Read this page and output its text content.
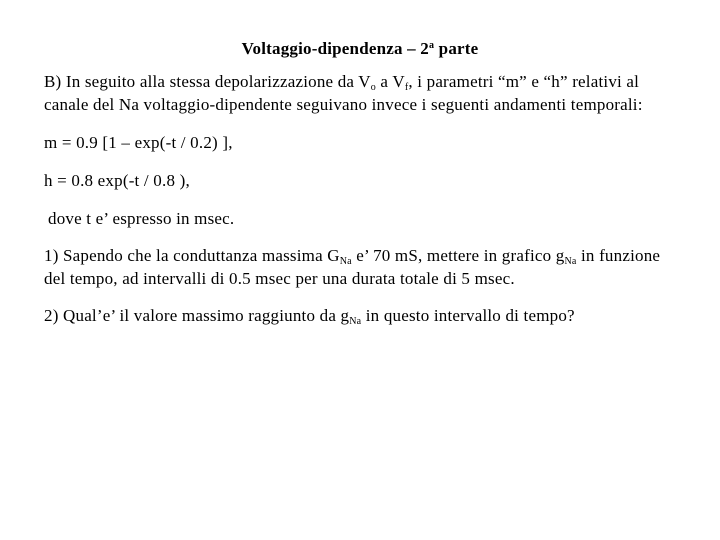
Voltaggio-dipendenza – 2$^a$ parte

B) In seguito alla stessa depolarizzazione da $V_o$ a $V_f$, i parametri “m” e “h” relativi al canale del Na voltaggio-dipendente seguivano invece i seguenti andamenti temporali:

m = 0.9 [1 – exp(-t / 0.2) ],

h = 0.8 exp(-t / 0.8 ),

dove t e’ espresso in msec.

1) Sapendo che la conduttanza massima $G_{Na}$ e’ 70 mS, mettere in grafico $g_{Na}$ in funzione del tempo, ad intervalli di 0.5 msec per una durata totale di 5 msec.

2) Qual’e’ il valore massimo raggiunto da $g_{Na}$ in questo intervallo di tempo?
